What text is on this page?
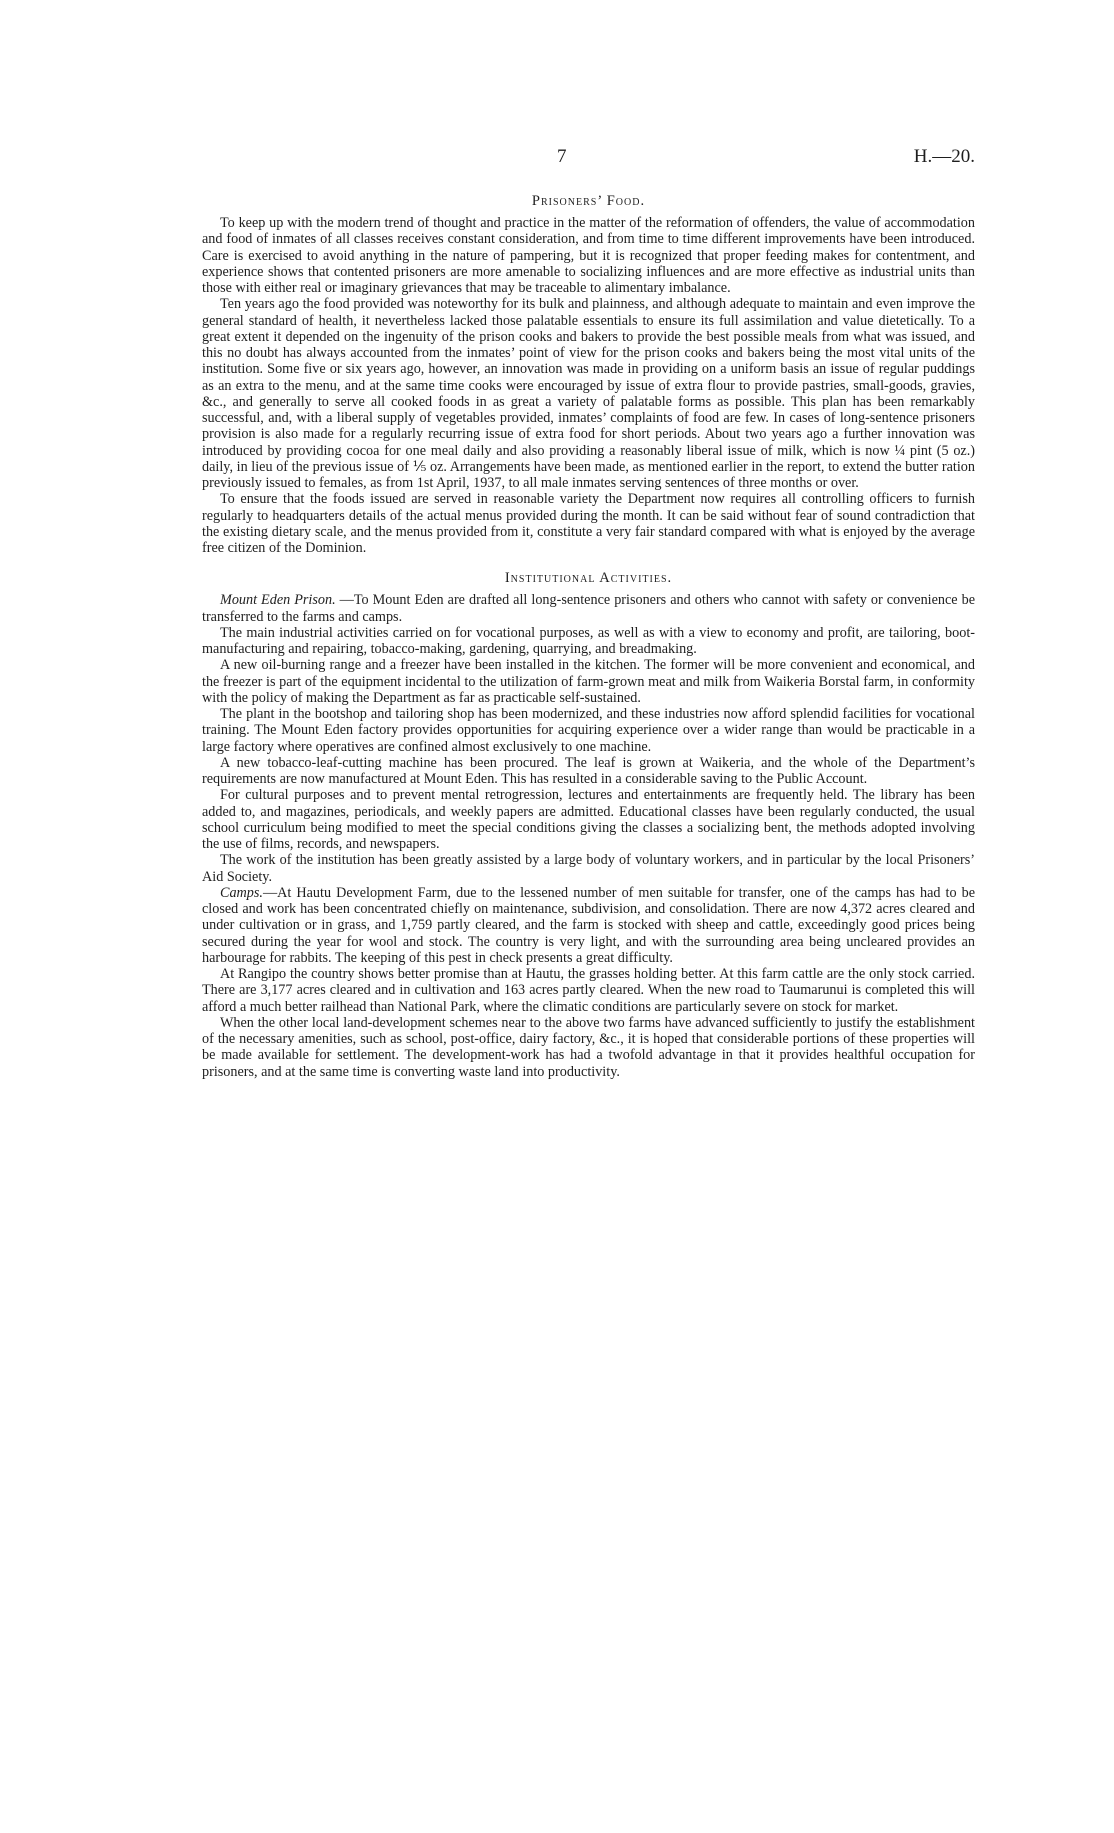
7	H.—20.
Prisoners’ Food.

To keep up with the modern trend of thought and practice in the matter of the reformation of offenders, the value of accommodation and food of inmates of all classes receives constant consideration, and from time to time different improvements have been introduced. Care is exercised to avoid anything in the nature of pampering, but it is recognized that proper feeding makes for contentment, and experience shows that contented prisoners are more amenable to socializing influences and are more effective as industrial units than those with either real or imaginary grievances that may be traceable to alimentary imbalance.

Ten years ago the food provided was noteworthy for its bulk and plainness, and although adequate to maintain and even improve the general standard of health, it nevertheless lacked those palatable essentials to ensure its full assimilation and value dietetically. To a great extent it depended on the ingenuity of the prison cooks and bakers to provide the best possible meals from what was issued, and this no doubt has always accounted from the inmates’ point of view for the prison cooks and bakers being the most vital units of the institution. Some five or six years ago, however, an innovation was made in providing on a uniform basis an issue of regular puddings as an extra to the menu, and at the same time cooks were encouraged by issue of extra flour to provide pastries, small-goods, gravies, &c., and generally to serve all cooked foods in as great a variety of palatable forms as possible. This plan has been remarkably successful, and, with a liberal supply of vegetables provided, inmates’ complaints of food are few. In cases of long-sentence prisoners provision is also made for a regularly recurring issue of extra food for short periods. About two years ago a further innovation was introduced by providing cocoa for one meal daily and also providing a reasonably liberal issue of milk, which is now ¼ pint (5 oz.) daily, in lieu of the previous issue of ⅕ oz. Arrangements have been made, as mentioned earlier in the report, to extend the butter ration previously issued to females, as from 1st April, 1937, to all male inmates serving sentences of three months or over.

To ensure that the foods issued are served in reasonable variety the Department now requires all controlling officers to furnish regularly to headquarters details of the actual menus provided during the month. It can be said without fear of sound contradiction that the existing dietary scale, and the menus provided from it, constitute a very fair standard compared with what is enjoyed by the average free citizen of the Dominion.

Institutional Activities.

Mount Eden Prison. —To Mount Eden are drafted all long-sentence prisoners and others who cannot with safety or convenience be transferred to the farms and camps.

The main industrial activities carried on for vocational purposes, as well as with a view to economy and profit, are tailoring, boot-manufacturing and repairing, tobacco-making, gardening, quarrying, and breadmaking.

A new oil-burning range and a freezer have been installed in the kitchen. The former will be more convenient and economical, and the freezer is part of the equipment incidental to the utilization of farm-grown meat and milk from Waikeria Borstal farm, in conformity with the policy of making the Department as far as practicable self-sustained.

The plant in the bootshop and tailoring shop has been modernized, and these industries now afford splendid facilities for vocational training. The Mount Eden factory provides opportunities for acquiring experience over a wider range than would be practicable in a large factory where operatives are confined almost exclusively to one machine.

A new tobacco-leaf-cutting machine has been procured. The leaf is grown at Waikeria, and the whole of the Department’s requirements are now manufactured at Mount Eden. This has resulted in a considerable saving to the Public Account.

For cultural purposes and to prevent mental retrogression, lectures and entertainments are frequently held. The library has been added to, and magazines, periodicals, and weekly papers are admitted. Educational classes have been regularly conducted, the usual school curriculum being modified to meet the special conditions giving the classes a socializing bent, the methods adopted involving the use of films, records, and newspapers.

The work of the institution has been greatly assisted by a large body of voluntary workers, and in particular by the local Prisoners’ Aid Society.

Camps.—At Hautu Development Farm, due to the lessened number of men suitable for transfer, one of the camps has had to be closed and work has been concentrated chiefly on maintenance, subdivision, and consolidation. There are now 4,372 acres cleared and under cultivation or in grass, and 1,759 partly cleared, and the farm is stocked with sheep and cattle, exceedingly good prices being secured during the year for wool and stock. The country is very light, and with the surrounding area being uncleared provides an harbourage for rabbits. The keeping of this pest in check presents a great difficulty.

At Rangipo the country shows better promise than at Hautu, the grasses holding better. At this farm cattle are the only stock carried. There are 3,177 acres cleared and in cultivation and 163 acres partly cleared. When the new road to Taumarunui is completed this will afford a much better railhead than National Park, where the climatic conditions are particularly severe on stock for market.

When the other local land-development schemes near to the above two farms have advanced sufficiently to justify the establishment of the necessary amenities, such as school, post-office, dairy factory, &c., it is hoped that considerable portions of these properties will be made available for settlement. The development-work has had a twofold advantage in that it provides healthful occupation for prisoners, and at the same time is converting waste land into productivity.
